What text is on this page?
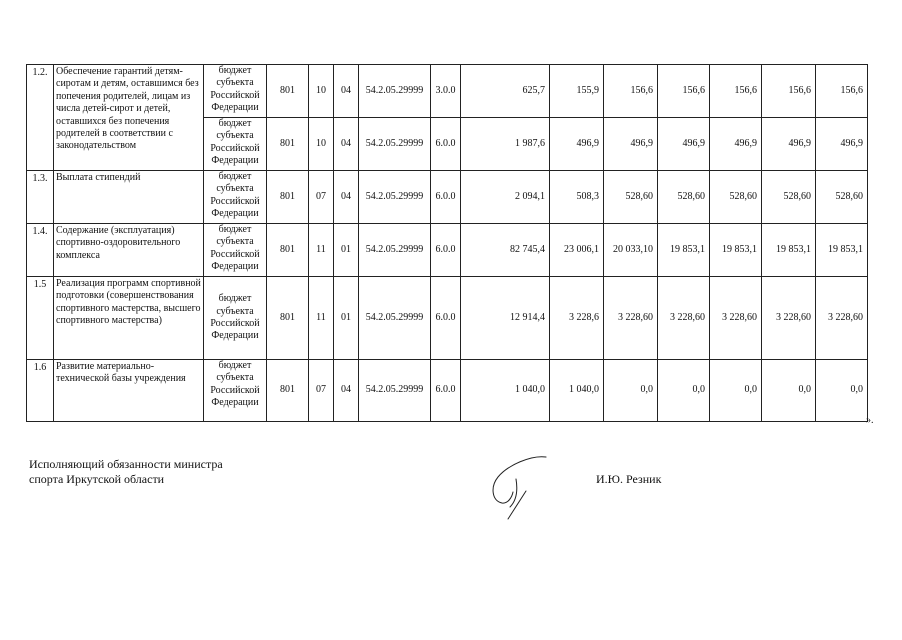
1.2.	Обеспечение гарантий детям-сиротам и детям, оставшимся без попечения родителей, лицам из числа детей-сирот и детей, оставшихся без попечения родителей в соответствии с законодательством	бюджет субъекта Российской Федерации	801	10	04	54.2.05.29999	3.0.0	625,7	155,9	156,6	156,6	156,6	156,6	156,6
		бюджет субъекта Российской Федерации	801	10	04	54.2.05.29999	6.0.0	1 987,6	496,9	496,9	496,9	496,9	496,9	496,9
1.3.	Выплата стипендий	бюджет субъекта Российской Федерации	801	07	04	54.2.05.29999	6.0.0	2 094,1	508,3	528,60	528,60	528,60	528,60	528,60
1.4.	Содержание (эксплуатация) спортивно-оздоровительного комплекса	бюджет субъекта Российской Федерации	801	11	01	54.2.05.29999	6.0.0	82 745,4	23 006,1	20 033,10	19 853,1	19 853,1	19 853,1	19 853,1
1.5	Реализация программ спортивной подготовки (совершенствования спортивного мастерства, высшего спортивного мастерства)	бюджет субъекта Российской Федерации	801	11	01	54.2.05.29999	6.0.0	12 914,4	3 228,6	3 228,60	3 228,60	3 228,60	3 228,60	3 228,60
1.6	Развитие материально-технической базы учреждения	бюджет субъекта Российской Федерации	801	07	04	54.2.05.29999	6.0.0	1 040,0	1 040,0	0,0	0,0	0,0	0,0	0,0
».
Исполняющий обязанности министра
спорта Иркутской области	И.Ю. Резник
